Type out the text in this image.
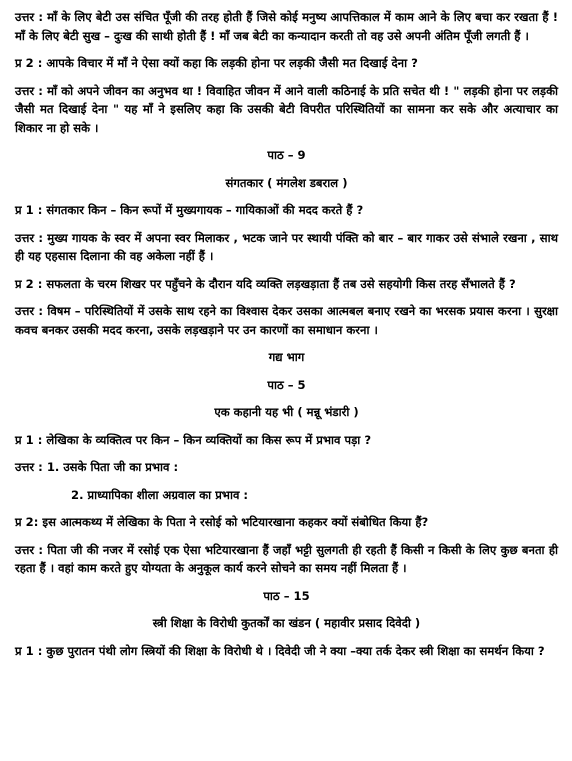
उत्तर : माँ के लिए बेटी उस संचित पूँजी की तरह होती हैं जिसे कोई मनुष्य आपत्तिकाल में काम आने के लिए बचा कर रखता हैं ! माँ के लिए बेटी सुख – दुःख की साथी होती हैं ! माँ जब बेटी का कन्यादान करती तो वह उसे अपनी अंतिम पूँजी लगती हैं ।

प्र 2 : आपके विचार में माँ ने ऐसा क्यों कहा कि लड़की होना पर लड़की जैसी मत दिखाई देना ?

उत्तर : माँ को अपने जीवन का अनुभव था ! विवाहित जीवन में आने वाली कठिनाई के प्रति सचेत थी ! " लड़की होना पर लड़की जैसी मत दिखाई देना " यह माँ ने इसलिए कहा कि उसकी बेटी विपरीत परिस्थितियों का सामना कर सके और अत्याचार का शिकार ना हो सके ।

पाठ – 9

संगतकार ( मंगलेश डबराल )

प्र 1 : संगतकार किन – किन रूपों में मुख्यगायक – गायिकाओं की मदद करते हैं ?

उत्तर : मुख्य गायक के स्वर में अपना स्वर मिलाकर , भटक जाने पर स्थायी पंक्ति को बार – बार गाकर उसे संभाले रखना , साथ ही यह एहसास दिलाना की वह अकेला नहीं हैं ।

प्र 2 : सफलता के चरम शिखर पर पहुँचने के दौरान यदि व्यक्ति लड़खड़ाता हैं तब उसे सहयोगी किस तरह सँभालते हैं ?

उत्तर : विषम – परिस्थितियों में उसके साथ रहने का विश्वास देकर उसका आत्मबल बनाए रखने का भरसक प्रयास करना । सुरक्षा कवच बनकर उसकी मदद करना, उसके लड़खड़ाने पर उन कारणों का समाधान करना ।

गद्य भाग

पाठ – 5

एक कहानी यह भी ( मन्नू भंडारी )

प्र 1 : लेखिका के व्यक्तित्व पर किन – किन व्यक्तियों का किस रूप में प्रभाव पड़ा ?

उत्तर : 1. उसके पिता जी का प्रभाव :

2. प्राध्यापिका शीला अग्रवाल का प्रभाव :

प्र 2: इस आत्मकथ्य में लेखिका के पिता ने रसोई को भटियारखाना कहकर क्यों संबोधित किया हैं?

उत्तर : पिता जी की नजर में रसोई एक ऐसा भटियारखाना हैं जहाँ भट्टी सुलगती ही रहती हैं किसी न किसी के लिए कुछ बनता ही रहता हैं । वहां काम करते हुए योग्यता के अनुकूल कार्य करने सोचने का समय नहीं मिलता हैं ।

पाठ – 15

स्त्री शिक्षा के विरोधी कुतर्कों का खंडन ( महावीर प्रसाद दिवेदी )

प्र 1 : कुछ पुरातन पंथी लोग स्त्रियों की शिक्षा के विरोधी थे । दिवेदी जी ने क्या –क्या तर्क देकर स्त्री शिक्षा का समर्थन किया ?
